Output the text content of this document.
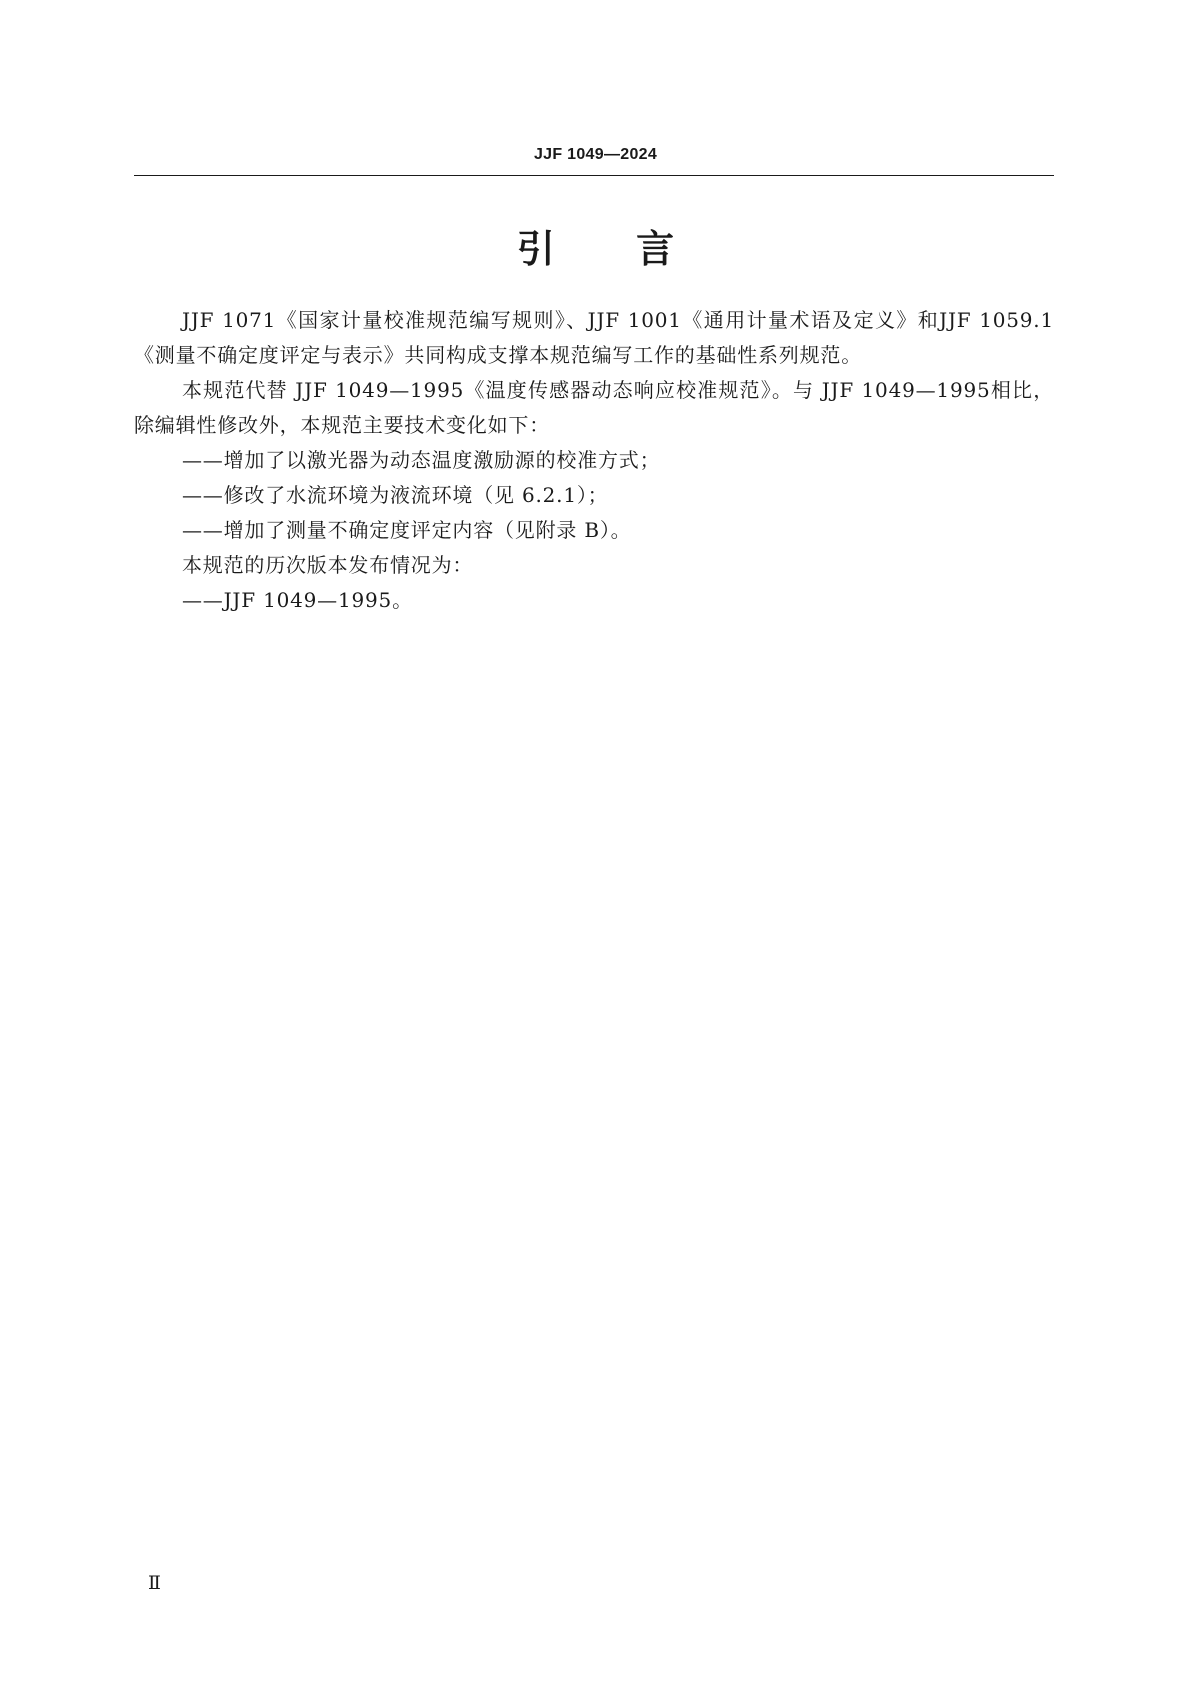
JJF 1049—2024
引 言

JJF 1071《国家计量校准规范编写规则》、JJF 1001《通用计量术语及定义》和JJF 1059.1《测量不确定度评定与表示》共同构成支撑本规范编写工作的基础性系列规范。

本规范代替 JJF 1049—1995《温度传感器动态响应校准规范》。与 JJF 1049—1995相比，除编辑性修改外，本规范主要技术变化如下：

——增加了以激光器为动态温度激励源的校准方式；

——修改了水流环境为液流环境（见 6.2.1）；

——增加了测量不确定度评定内容（见附录 B）。

本规范的历次版本发布情况为：

——JJF 1049—1995。

Ⅱ
